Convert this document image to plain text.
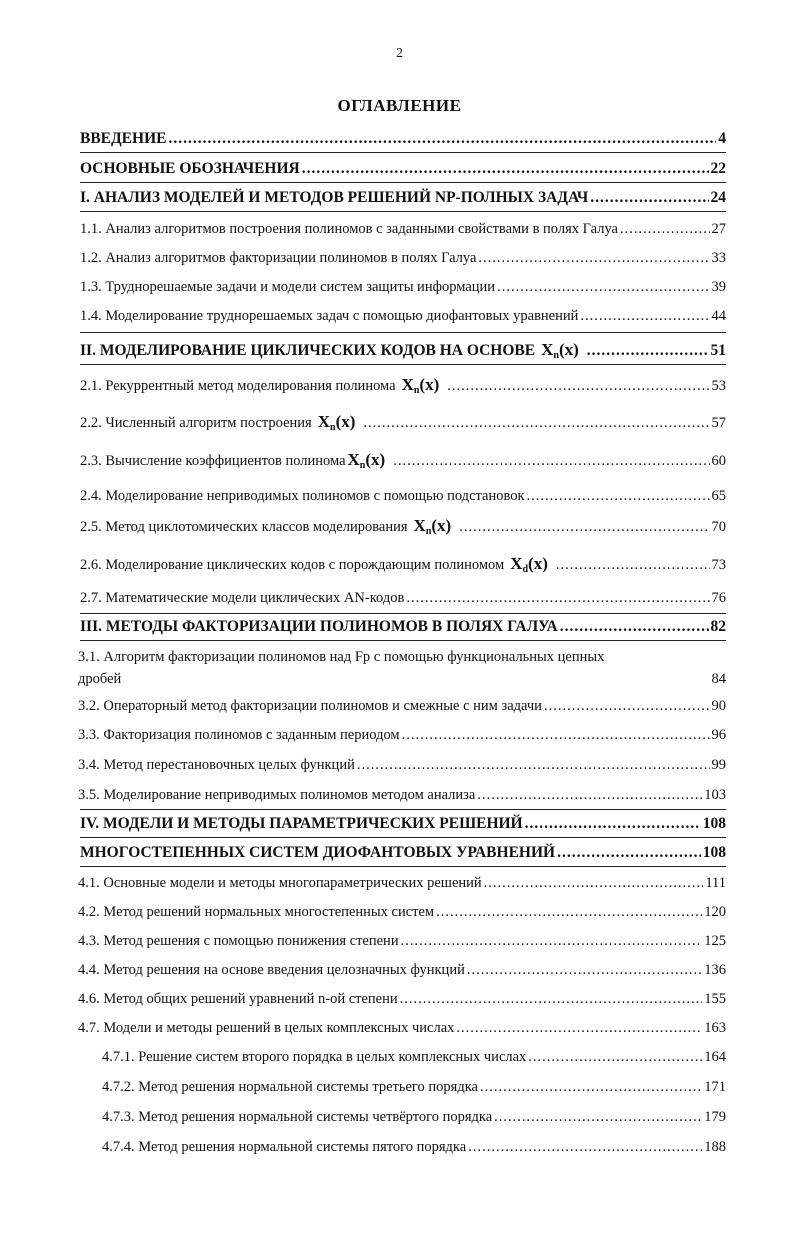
2
ОГЛАВЛЕНИЕ
ВВЕДЕНИЕ .....	4
ОСНОВНЫЕ ОБОЗНАЧЕНИЯ .....	22
I. АНАЛИЗ МОДЕЛЕЙ И МЕТОДОВ РЕШЕНИЙ NP-ПОЛНЫХ ЗАДАЧ .....	24
1.1. Анализ алгоритмов построения полиномов с заданными свойствами в полях Галуа .....	27
1.2. Анализ алгоритмов факторизации полиномов в полях Галуа .....	33
1.3. Труднорешаемые задачи и модели систем защиты информации .....	39
1.4. Моделирование труднорешаемых задач с помощью диофантовых уравнений .....	44
II. МОДЕЛИРОВАНИЕ ЦИКЛИЧЕСКИХ КОДОВ НА ОСНОВЕ $X_n(x)$ .....	51
2.1. Рекуррентный метод моделирования полинома $X_n(x)$ .....	53
2.2. Численный алгоритм построения $X_n(x)$ .....	57
2.3. Вычисление коэффициентов полинома $X_n(x)$ .....	60
2.4. Моделирование неприводимых полиномов с помощью подстановок .....	65
2.5. Метод циклотомических классов моделирования $X_n(x)$ .....	70
2.6. Моделирование циклических кодов с порождающим полиномом $X_d(x)$ .....	73
2.7. Математические модели циклических AN-кодов .....	76
III. МЕТОДЫ ФАКТОРИЗАЦИИ ПОЛИНОМОВ В ПОЛЯХ ГАЛУА .....	82
3.1. Алгоритм факторизации полиномов над Fp с помощью функциональных цепных
дробей	84
3.2. Операторный метод факторизации полиномов и смежные с ним задачи .....	90
3.3. Факторизация полиномов с заданным периодом .....	96
3.4. Метод перестановочных целых функций .....	99
3.5. Моделирование неприводимых полиномов методом анализа .....	103
IV. МОДЕЛИ И МЕТОДЫ ПАРАМЕТРИЧЕСКИХ РЕШЕНИЙ .....	108
МНОГОСТЕПЕННЫХ СИСТЕМ ДИОФАНТОВЫХ УРАВНЕНИЙ .....	108
4.1. Основные модели и методы многопараметрических решений .....	111
4.2. Метод решений нормальных многостепенных систем .....	120
4.3. Метод решения с помощью понижения степени .....	125
4.4. Метод решения на основе введения целозначных функций .....	136
4.6. Метод общих решений уравнений n-ой степени .....	155
4.7. Модели и методы решений в целых комплексных числах .....	163
4.7.1. Решение систем второго порядка в целых комплексных числах .....	164
4.7.2. Метод решения нормальной системы третьего порядка .....	171
4.7.3. Метод решения нормальной системы четвёртого порядка .....	179
4.7.4. Метод решения нормальной системы пятого порядка .....	188
